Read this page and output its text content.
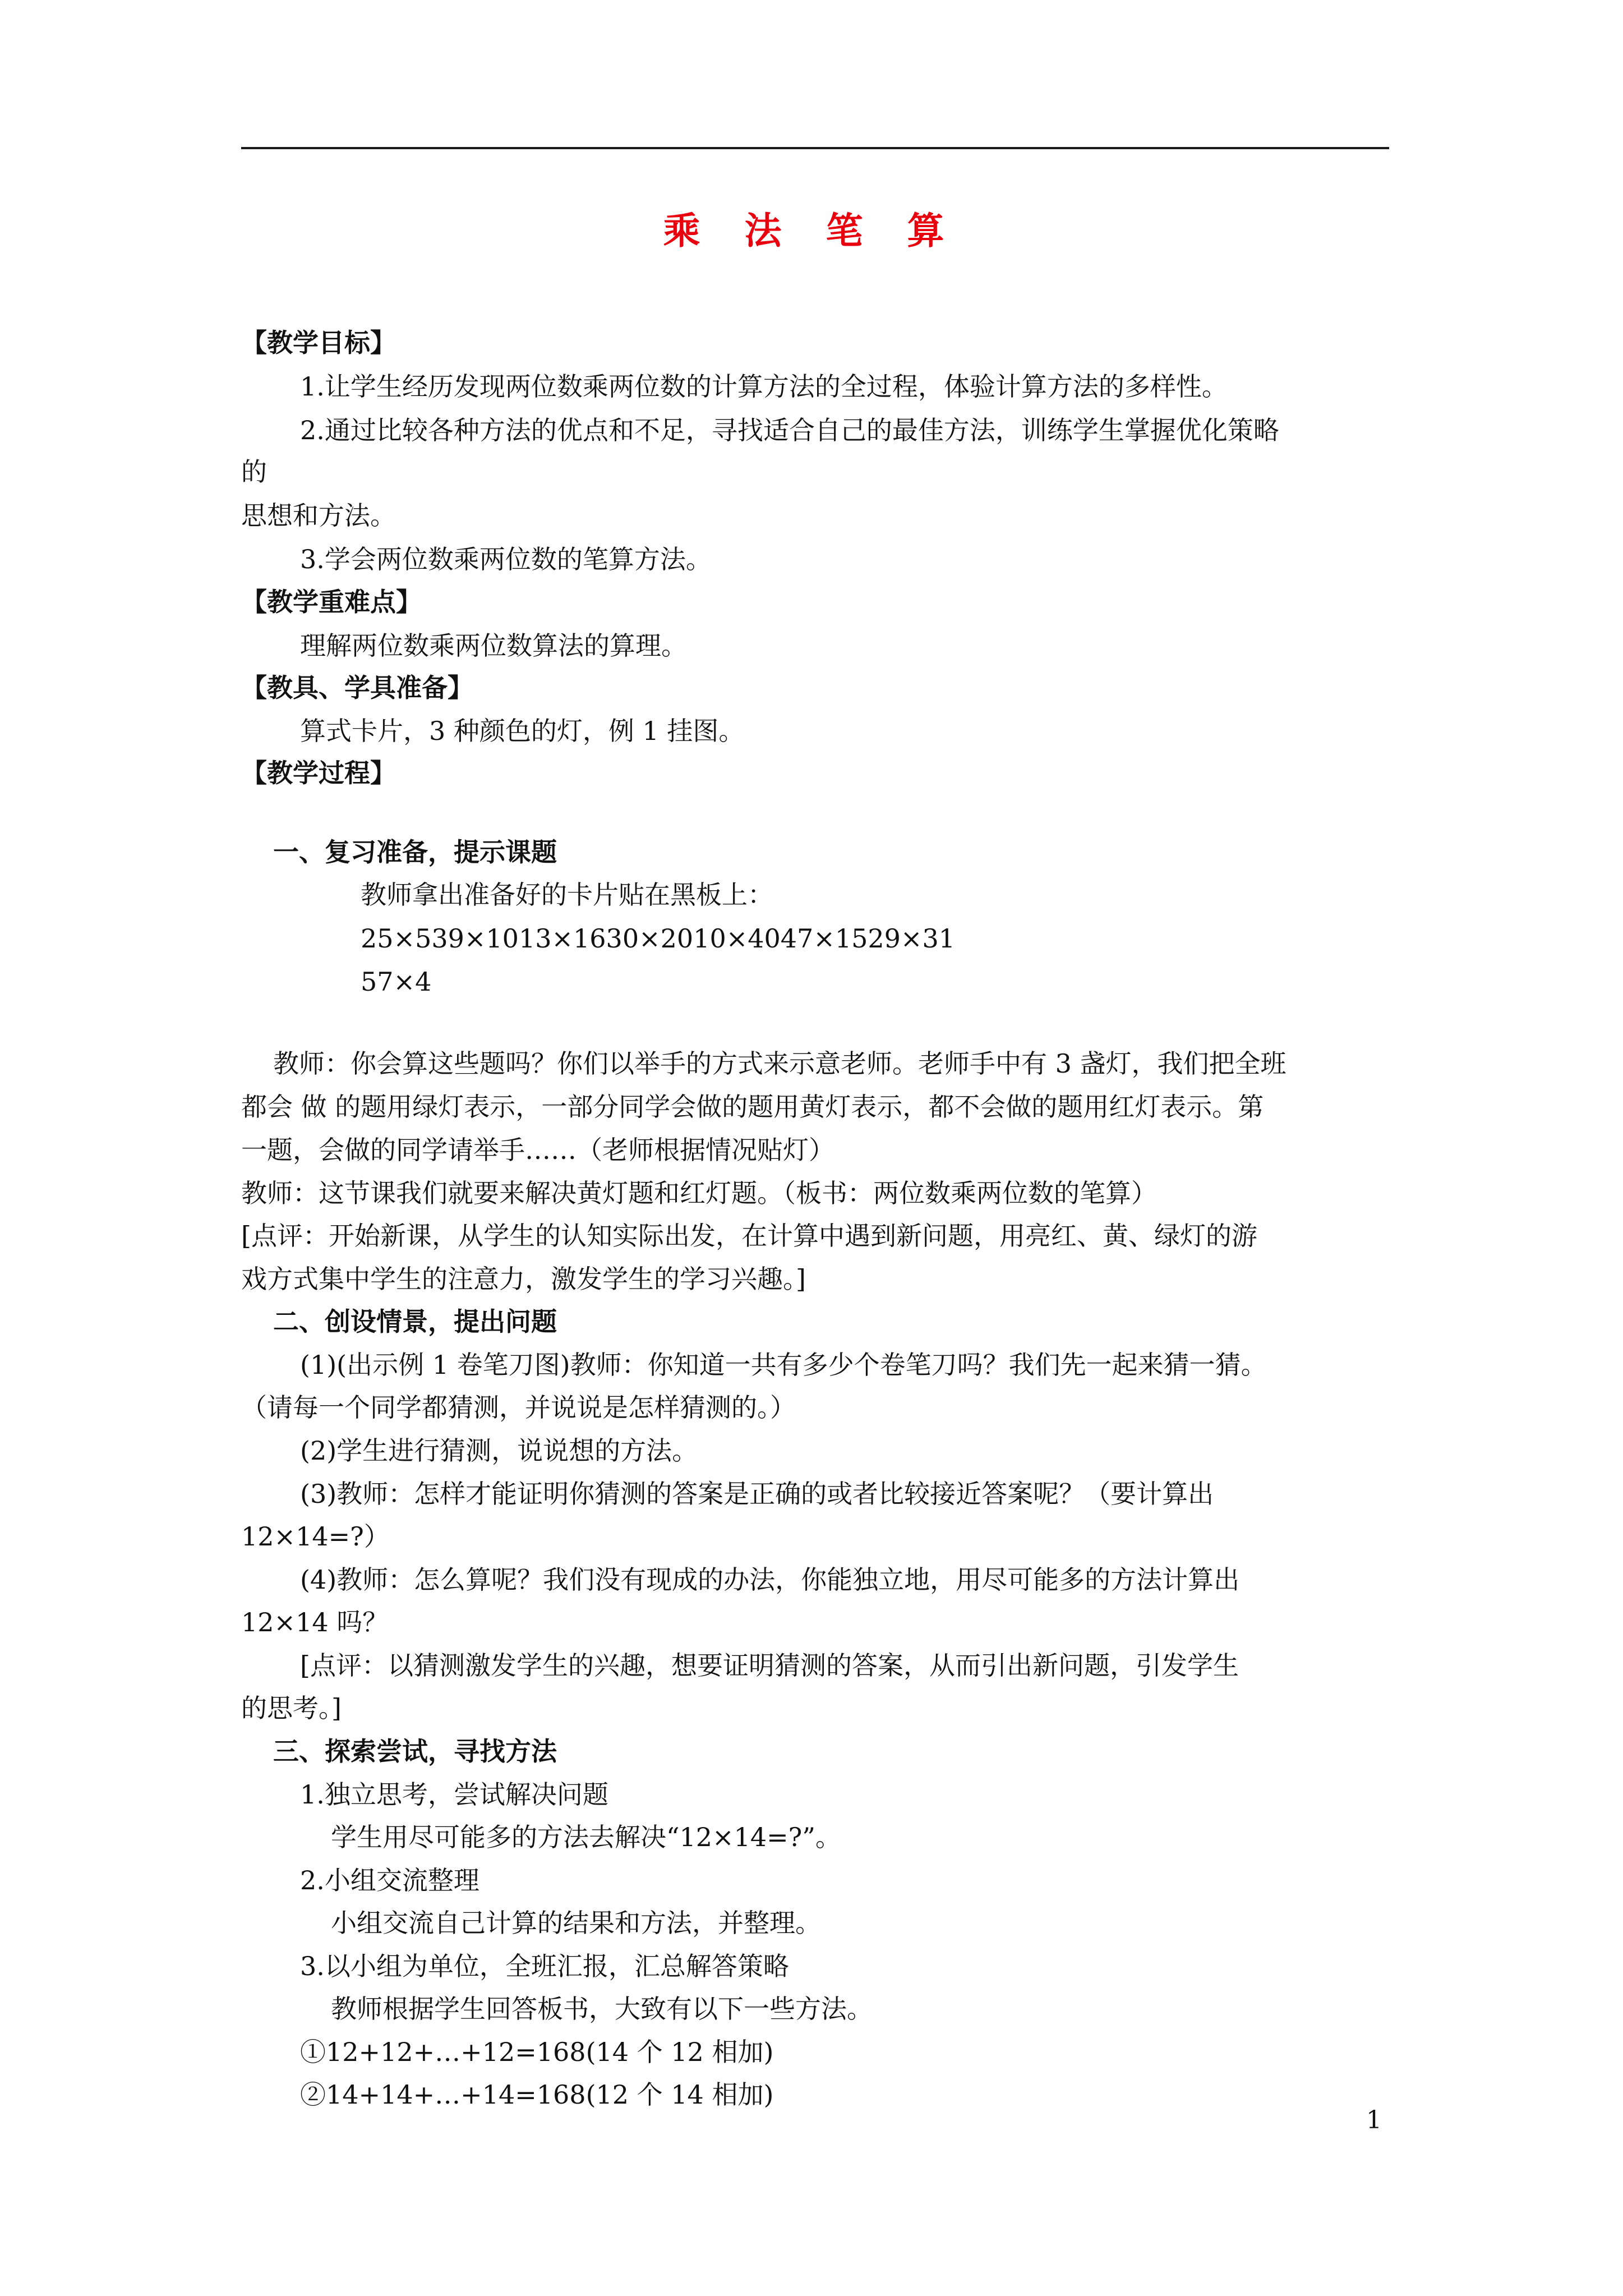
乘 法 笔 算
【教学目标】
1.让学生经历发现两位数乘两位数的计算方法的全过程，体验计算方法的多样性。
2.通过比较各种方法的优点和不足，寻找适合自己的最佳方法，训练学生掌握优化策略
的
思想和方法。
3.学会两位数乘两位数的笔算方法。
【教学重难点】
理解两位数乘两位数算法的算理。
【教具、学具准备】
算式卡片，3 种颜色的灯，例 1 挂图。
【教学过程】
一、复习准备，提示课题
教师拿出准备好的卡片贴在黑板上：
25×539×1013×1630×2010×4047×1529×31
57×4
教师：你会算这些题吗？你们以举手的方式来示意老师。老师手中有 3 盏灯，我们把全班
都会 做 的题用绿灯表示，一部分同学会做的题用黄灯表示，都不会做的题用红灯表示。第
一题，会做的同学请举手……（老师根据情况贴灯）
教师：这节课我们就要来解决黄灯题和红灯题。（板书：两位数乘两位数的笔算）
[点评：开始新课，从学生的认知实际出发，在计算中遇到新问题，用亮红、黄、绿灯的游
戏方式集中学生的注意力，激发学生的学习兴趣。]
二、创设情景，提出问题
(1)(出示例 1 卷笔刀图)教师：你知道一共有多少个卷笔刀吗？我们先一起来猜一猜。
（请每一个同学都猜测，并说说是怎样猜测的。）
(2)学生进行猜测，说说想的方法。
(3)教师：怎样才能证明你猜测的答案是正确的或者比较接近答案呢？（要计算出
12×14=?）
(4)教师：怎么算呢？我们没有现成的办法，你能独立地，用尽可能多的方法计算出
12×14 吗？
[点评：以猜测激发学生的兴趣，想要证明猜测的答案，从而引出新问题，引发学生
的思考。]
三、探索尝试，寻找方法
1.独立思考，尝试解决问题
学生用尽可能多的方法去解决“12×14=?”。
2.小组交流整理
小组交流自己计算的结果和方法，并整理。
3.以小组为单位，全班汇报，汇总解答策略
教师根据学生回答板书，大致有以下一些方法。
①12+12+…+12=168(14 个 12 相加)
②14+14+…+14=168(12 个 14 相加)
1
